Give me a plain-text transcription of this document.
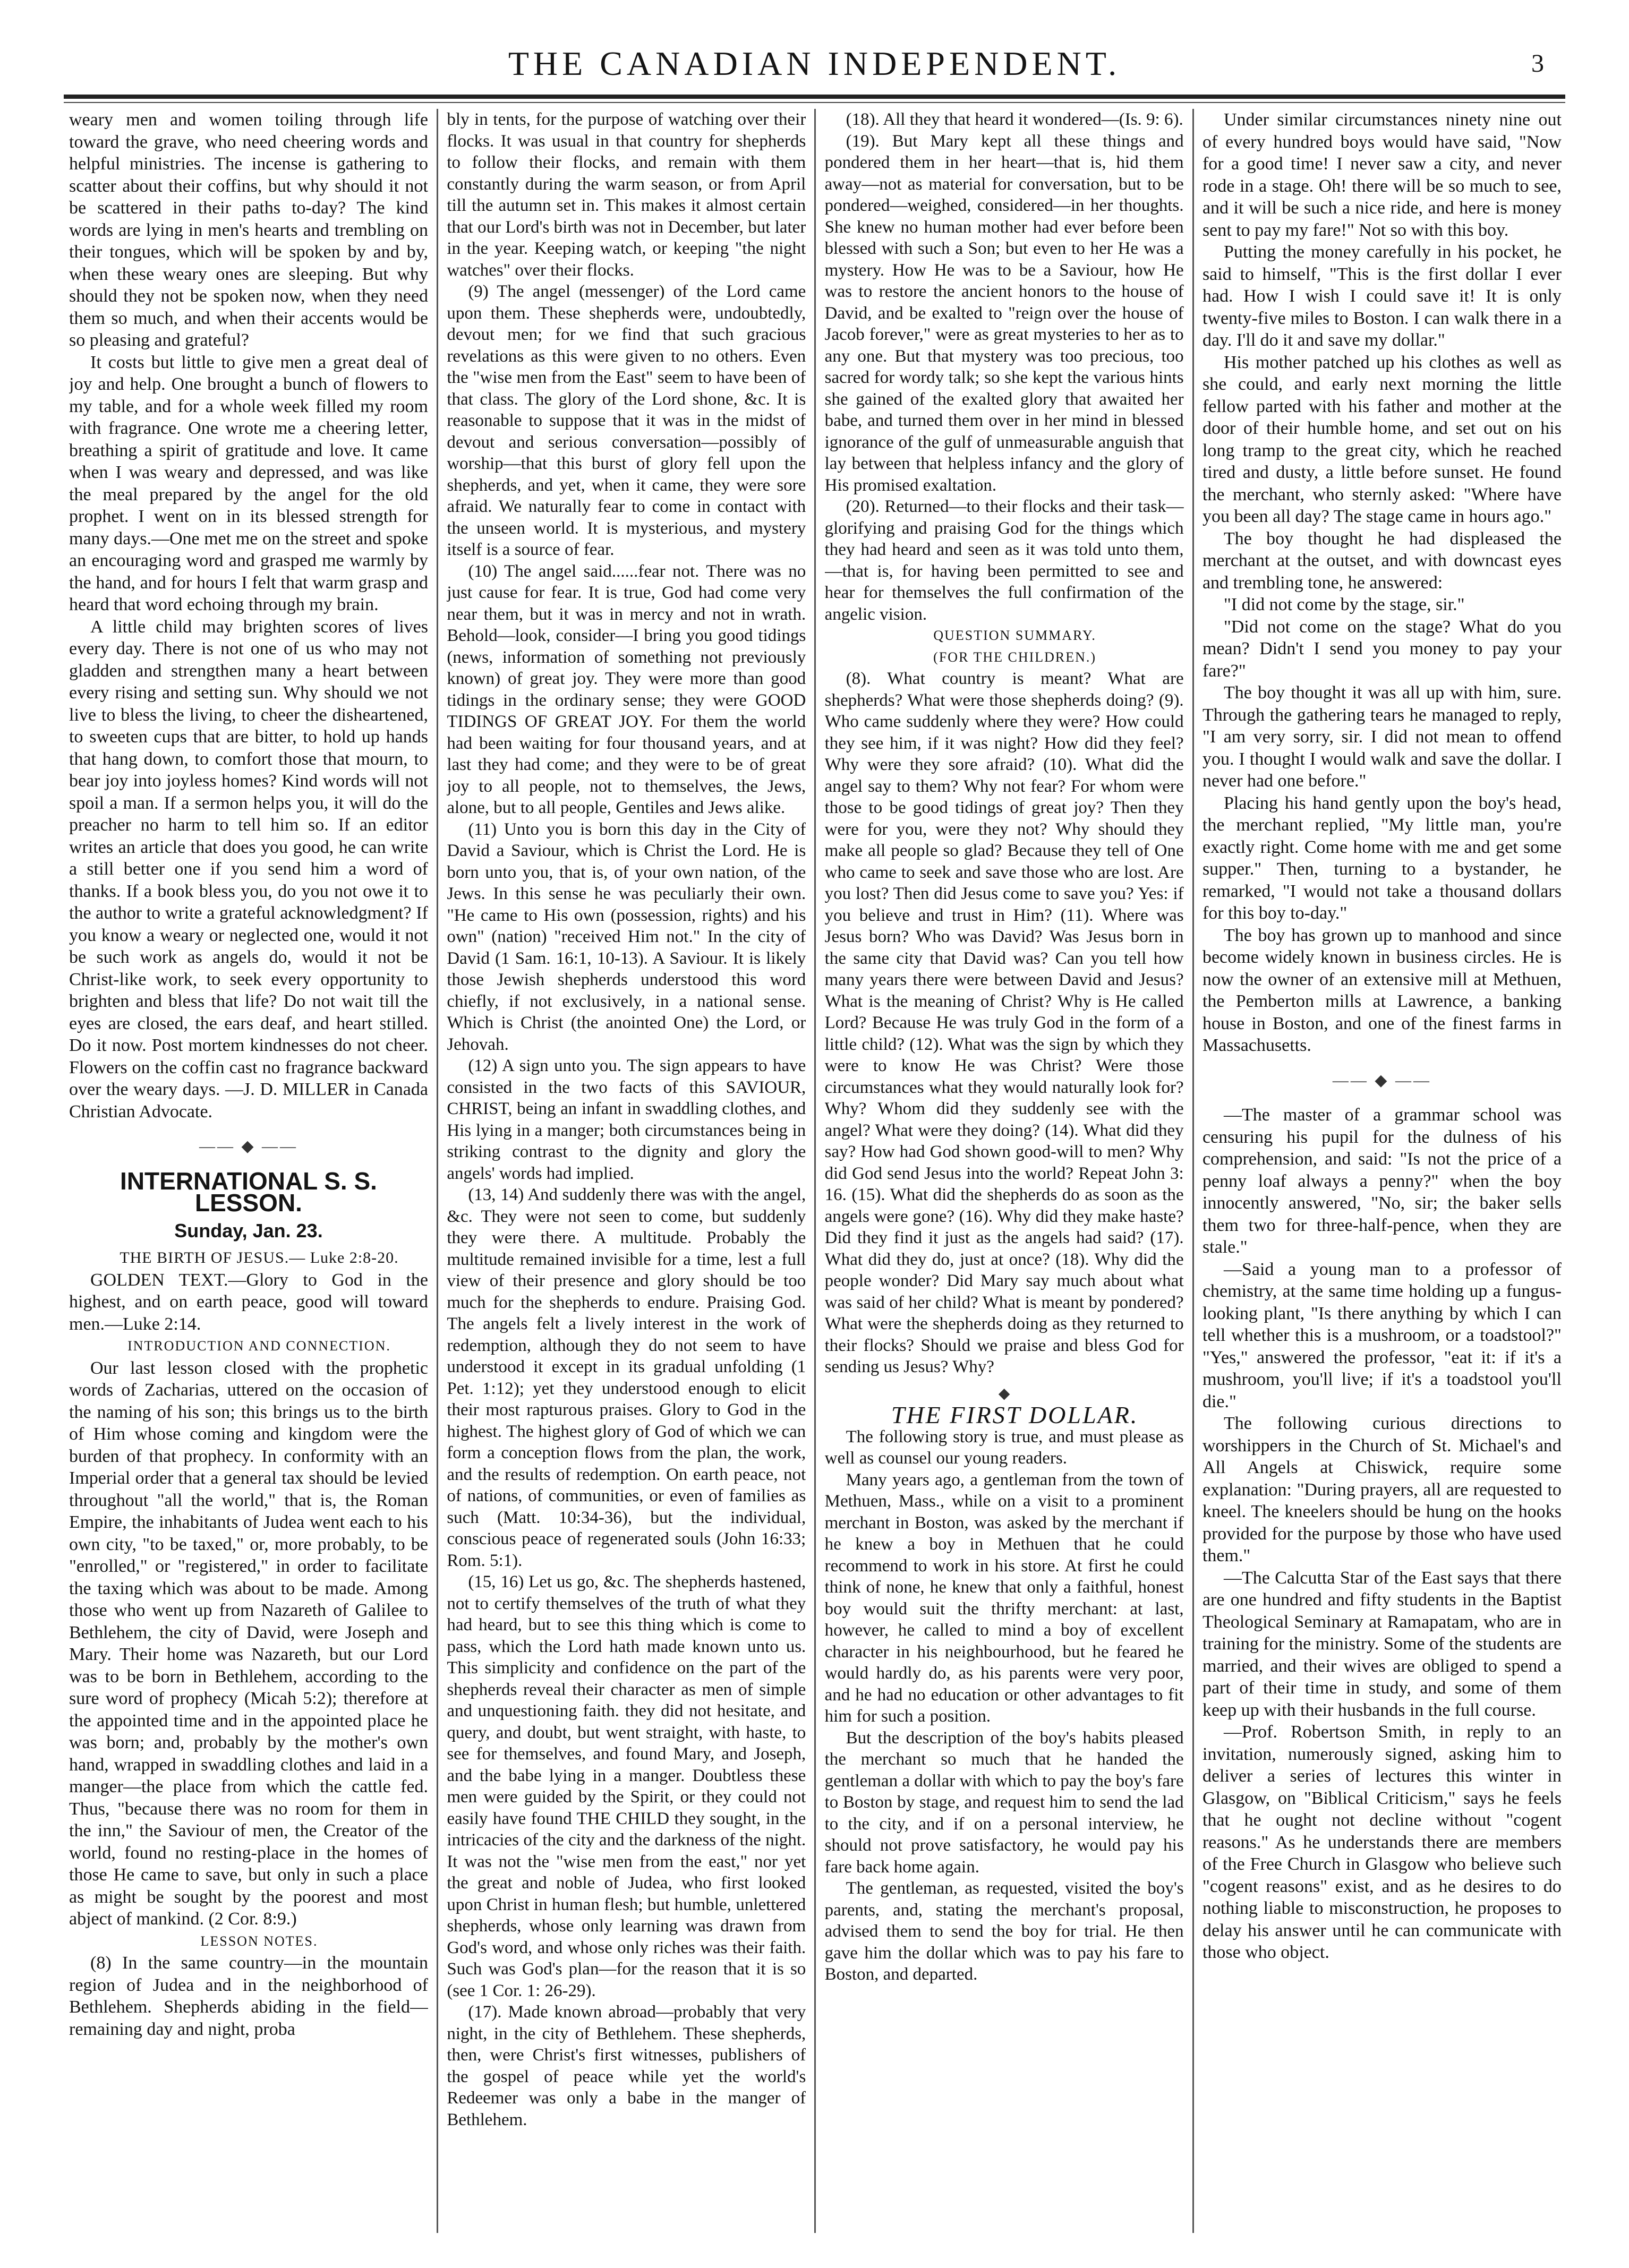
THE CANADIAN INDEPENDENT.	3

weary men and women toiling through life toward the grave, who need cheering words and helpful ministries. The incense is gathering to scatter about their coffins, but why should it not be scattered in their paths to-day? The kind words are lying in men's hearts and trembling on their tongues, which will be spoken by and by, when these weary ones are sleeping. But why should they not be spoken now, when they need them so much, and when their accents would be so pleasing and grateful?

It costs but little to give men a great deal of joy and help. One brought a bunch of flowers to my table, and for a whole week filled my room with fragrance. One wrote me a cheering letter, breathing a spirit of gratitude and love. It came when I was weary and depressed, and was like the meal prepared by the angel for the old prophet. I went on in its blessed strength for many days.—One met me on the street and spoke an encouraging word and grasped me warmly by the hand, and for hours I felt that warm grasp and heard that word echoing through my brain.

A little child may brighten scores of lives every day. There is not one of us who may not gladden and strengthen many a heart between every rising and setting sun. Why should we not live to bless the living, to cheer the disheartened, to sweeten cups that are bitter, to hold up hands that hang down, to comfort those that mourn, to bear joy into joyless homes? Kind words will not spoil a man. If a sermon helps you, it will do the preacher no harm to tell him so. If an editor writes an article that does you good, he can write a still better one if you send him a word of thanks. If a book bless you, do you not owe it to the author to write a grateful acknowledgment? If you know a weary or neglected one, would it not be such work as angels do, would it not be Christ-like work, to seek every opportunity to brighten and bless that life? Do not wait till the eyes are closed, the ears deaf, and heart stilled. Do it now. Post mortem kindnesses do not cheer. Flowers on the coffin cast no fragrance backward over the weary days. —J. D. MILLER in Canada Christian Advocate.

—— ◆ ——
INTERNATIONAL S. S. LESSON.
Sunday, Jan. 23.

THE BIRTH OF JESUS.— Luke 2:8-20.

GOLDEN TEXT.—Glory to God in the highest, and on earth peace, good will toward men.—Luke 2:14.

INTRODUCTION AND CONNECTION.

Our last lesson closed with the prophetic words of Zacharias, uttered on the occasion of the naming of his son; this brings us to the birth of Him whose coming and kingdom were the burden of that prophecy. In conformity with an Imperial order that a general tax should be levied throughout "all the world," that is, the Roman Empire, the inhabitants of Judea went each to his own city, "to be taxed," or, more probably, to be "enrolled," or "registered," in order to facilitate the taxing which was about to be made. Among those who went up from Nazareth of Galilee to Bethlehem, the city of David, were Joseph and Mary. Their home was Nazareth, but our Lord was to be born in Bethlehem, according to the sure word of prophecy (Micah 5:2); therefore at the appointed time and in the appointed place he was born; and, probably by the mother's own hand, wrapped in swaddling clothes and laid in a manger—the place from which the cattle fed. Thus, "because there was no room for them in the inn," the Saviour of men, the Creator of the world, found no resting-place in the homes of those He came to save, but only in such a place as might be sought by the poorest and most abject of mankind. (2 Cor. 8:9.)

LESSON NOTES.

(8) In the same country—in the mountain region of Judea and in the neighborhood of Bethlehem. Shepherds abiding in the field—remaining day and night, proba

bly in tents, for the purpose of watching over their flocks. It was usual in that country for shepherds to follow their flocks, and remain with them constantly during the warm season, or from April till the autumn set in. This makes it almost certain that our Lord's birth was not in December, but later in the year. Keeping watch, or keeping "the night watches" over their flocks.

(9) The angel (messenger) of the Lord came upon them. These shepherds were, undoubtedly, devout men; for we find that such gracious revelations as this were given to no others. Even the "wise men from the East" seem to have been of that class. The glory of the Lord shone, &c. It is reasonable to suppose that it was in the midst of devout and serious conversation—possibly of worship—that this burst of glory fell upon the shepherds, and yet, when it came, they were sore afraid. We naturally fear to come in contact with the unseen world. It is mysterious, and mystery itself is a source of fear.

(10) The angel said......fear not. There was no just cause for fear. It is true, God had come very near them, but it was in mercy and not in wrath. Behold—look, consider—I bring you good tidings (news, information of something not previously known) of great joy. They were more than good tidings in the ordinary sense; they were GOOD TIDINGS OF GREAT JOY. For them the world had been waiting for four thousand years, and at last they had come; and they were to be of great joy to all people, not to themselves, the Jews, alone, but to all people, Gentiles and Jews alike.

(11) Unto you is born this day in the City of David a Saviour, which is Christ the Lord. He is born unto you, that is, of your own nation, of the Jews. In this sense he was peculiarly their own. "He came to His own (possession, rights) and his own" (nation) "received Him not." In the city of David (1 Sam. 16:1, 10-13). A Saviour. It is likely those Jewish shepherds understood this word chiefly, if not exclusively, in a national sense. Which is Christ (the anointed One) the Lord, or Jehovah.

(12) A sign unto you. The sign appears to have consisted in the two facts of this SAVIOUR, CHRIST, being an infant in swaddling clothes, and His lying in a manger; both circumstances being in striking contrast to the dignity and glory the angels' words had implied.

(13, 14) And suddenly there was with the angel, &c. They were not seen to come, but suddenly they were there. A multitude. Probably the multitude remained invisible for a time, lest a full view of their presence and glory should be too much for the shepherds to endure. Praising God. The angels felt a lively interest in the work of redemption, although they do not seem to have understood it except in its gradual unfolding (1 Pet. 1:12); yet they understood enough to elicit their most rapturous praises. Glory to God in the highest. The highest glory of God of which we can form a conception flows from the plan, the work, and the results of redemption. On earth peace, not of nations, of communities, or even of families as such (Matt. 10:34-36), but the individual, conscious peace of regenerated souls (John 16:33; Rom. 5:1).

(15, 16) Let us go, &c. The shepherds hastened, not to certify themselves of the truth of what they had heard, but to see this thing which is come to pass, which the Lord hath made known unto us. This simplicity and confidence on the part of the shepherds reveal their character as men of simple and unquestioning faith. they did not hesitate, and query, and doubt, but went straight, with haste, to see for themselves, and found Mary, and Joseph, and the babe lying in a manger. Doubtless these men were guided by the Spirit, or they could not easily have found THE CHILD they sought, in the intricacies of the city and the darkness of the night. It was not the "wise men from the east," nor yet the great and noble of Judea, who first looked upon Christ in human flesh; but humble, unlettered shepherds, whose only learning was drawn from God's word, and whose only riches was their faith. Such was God's plan—for the reason that it is so (see 1 Cor. 1: 26-29).

(17). Made known abroad—probably that very night, in the city of Bethlehem. These shepherds, then, were Christ's first witnesses, publishers of the gospel of peace while yet the world's Redeemer was only a babe in the manger of Bethlehem.

(18). All they that heard it wondered—(Is. 9: 6).

(19). But Mary kept all these things and pondered them in her heart—that is, hid them away—not as material for conversation, but to be pondered—weighed, considered—in her thoughts. She knew no human mother had ever before been blessed with such a Son; but even to her He was a mystery. How He was to be a Saviour, how He was to restore the ancient honors to the house of David, and be exalted to "reign over the house of Jacob forever," were as great mysteries to her as to any one. But that mystery was too precious, too sacred for wordy talk; so she kept the various hints she gained of the exalted glory that awaited her babe, and turned them over in her mind in blessed ignorance of the gulf of unmeasurable anguish that lay between that helpless infancy and the glory of His promised exaltation.

(20). Returned—to their flocks and their task—glorifying and praising God for the things which they had heard and seen as it was told unto them,—that is, for having been permitted to see and hear for themselves the full confirmation of the angelic vision.

QUESTION SUMMARY.

(FOR THE CHILDREN.)

(8). What country is meant? What are shepherds? What were those shepherds doing? (9). Who came suddenly where they were? How could they see him, if it was night? How did they feel? Why were they sore afraid? (10). What did the angel say to them? Why not fear? For whom were those to be good tidings of great joy? Then they were for you, were they not? Why should they make all people so glad? Because they tell of One who came to seek and save those who are lost. Are you lost? Then did Jesus come to save you? Yes: if you believe and trust in Him? (11). Where was Jesus born? Who was David? Was Jesus born in the same city that David was? Can you tell how many years there were between David and Jesus? What is the meaning of Christ? Why is He called Lord? Because He was truly God in the form of a little child? (12). What was the sign by which they were to know He was Christ? Were those circumstances what they would naturally look for? Why? Whom did they suddenly see with the angel? What were they doing? (14). What did they say? How had God shown good-will to men? Why did God send Jesus into the world? Repeat John 3: 16. (15). What did the shepherds do as soon as the angels were gone? (16). Why did they make haste? Did they find it just as the angels had said? (17). What did they do, just at once? (18). Why did the people wonder? Did Mary say much about what was said of her child? What is meant by pondered? What were the shepherds doing as they returned to their flocks? Should we praise and bless God for sending us Jesus? Why?

◆

THE FIRST DOLLAR.

The following story is true, and must please as well as counsel our young readers.

Many years ago, a gentleman from the town of Methuen, Mass., while on a visit to a prominent merchant in Boston, was asked by the merchant if he knew a boy in Methuen that he could recommend to work in his store. At first he could think of none, he knew that only a faithful, honest boy would suit the thrifty merchant: at last, however, he called to mind a boy of excellent character in his neighbourhood, but he feared he would hardly do, as his parents were very poor, and he had no education or other advantages to fit him for such a position.

But the description of the boy's habits pleased the merchant so much that he handed the gentleman a dollar with which to pay the boy's fare to Boston by stage, and request him to send the lad to the city, and if on a personal interview, he should not prove satisfactory, he would pay his fare back home again.

The gentleman, as requested, visited the boy's parents, and, stating the merchant's proposal, advised them to send the boy for trial. He then gave him the dollar which was to pay his fare to Boston, and departed.

Under similar circumstances ninety nine out of every hundred boys would have said, "Now for a good time! I never saw a city, and never rode in a stage. Oh! there will be so much to see, and it will be such a nice ride, and here is money sent to pay my fare!" Not so with this boy.

Putting the money carefully in his pocket, he said to himself, "This is the first dollar I ever had. How I wish I could save it! It is only twenty-five miles to Boston. I can walk there in a day. I'll do it and save my dollar."

His mother patched up his clothes as well as she could, and early next morning the little fellow parted with his father and mother at the door of their humble home, and set out on his long tramp to the great city, which he reached tired and dusty, a little before sunset. He found the merchant, who sternly asked: "Where have you been all day? The stage came in hours ago."

The boy thought he had displeased the merchant at the outset, and with downcast eyes and trembling tone, he answered:

"I did not come by the stage, sir."

"Did not come on the stage? What do you mean? Didn't I send you money to pay your fare?"

The boy thought it was all up with him, sure. Through the gathering tears he managed to reply, "I am very sorry, sir. I did not mean to offend you. I thought I would walk and save the dollar. I never had one before."

Placing his hand gently upon the boy's head, the merchant replied, "My little man, you're exactly right. Come home with me and get some supper." Then, turning to a bystander, he remarked, "I would not take a thousand dollars for this boy to-day."

The boy has grown up to manhood and since become widely known in business circles. He is now the owner of an extensive mill at Methuen, the Pemberton mills at Lawrence, a banking house in Boston, and one of the finest farms in Massachusetts.

—— ◆ ——

—The master of a grammar school was censuring his pupil for the dulness of his comprehension, and said: "Is not the price of a penny loaf always a penny?" when the boy innocently answered, "No, sir; the baker sells them two for three-half-pence, when they are stale."

—Said a young man to a professor of chemistry, at the same time holding up a fungus-looking plant, "Is there anything by which I can tell whether this is a mushroom, or a toadstool?" "Yes," answered the professor, "eat it: if it's a mushroom, you'll live; if it's a toadstool you'll die."

The following curious directions to worshippers in the Church of St. Michael's and All Angels at Chiswick, require some explanation: "During prayers, all are requested to kneel. The kneelers should be hung on the hooks provided for the purpose by those who have used them."

—The Calcutta Star of the East says that there are one hundred and fifty students in the Baptist Theological Seminary at Ramapatam, who are in training for the ministry. Some of the students are married, and their wives are obliged to spend a part of their time in study, and some of them keep up with their husbands in the full course.

—Prof. Robertson Smith, in reply to an invitation, numerously signed, asking him to deliver a series of lectures this winter in Glasgow, on "Biblical Criticism," says he feels that he ought not decline without "cogent reasons." As he understands there are members of the Free Church in Glasgow who believe such "cogent reasons" exist, and as he desires to do nothing liable to misconstruction, he proposes to delay his answer until he can communicate with those who object.
